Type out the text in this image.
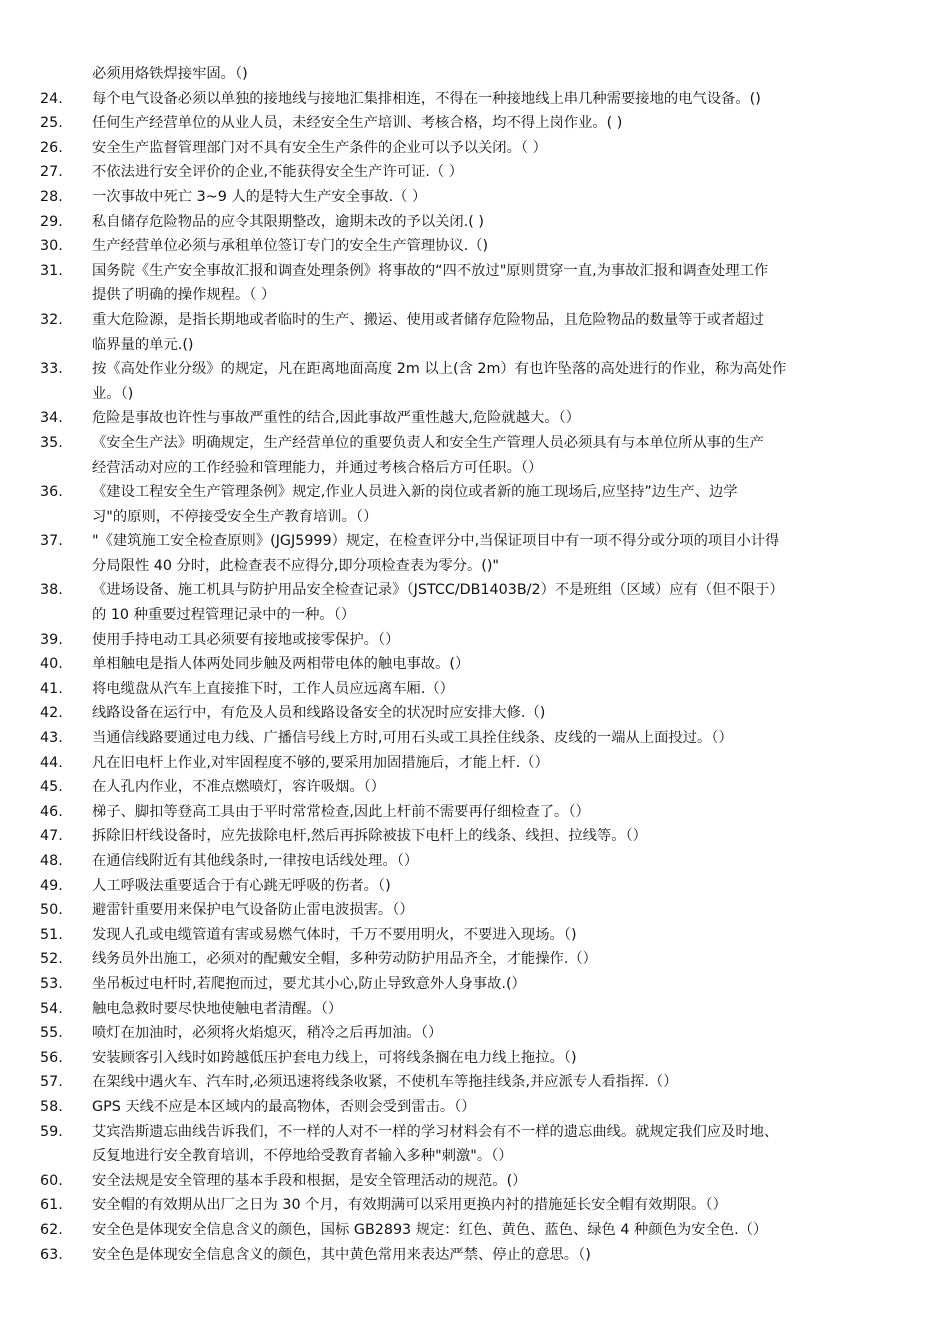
必须用烙铁焊接牢固。（)
24.	每个电气设备必须以单独的接地线与接地汇集排相连，不得在一种接地线上串几种需要接地的电气设备。()
25.	任何生产经营单位的从业人员，未经安全生产培训、考核合格，均不得上岗作业。( )
26.	安全生产监督管理部门对不具有安全生产条件的企业可以予以关闭。（ ）
27.	不依法进行安全评价的企业,不能获得安全生产许可证.（ ）
28.	一次事故中死亡 3~9 人的是特大生产安全事故.（ ）
29.	私自储存危险物品的应令其限期整改，逾期未改的予以关闭.( )
30.	生产经营单位必须与承租单位签订专门的安全生产管理协议.（)
31.	国务院《生产安全事故汇报和调查处理条例》将事故的“四不放过"原则贯穿一直,为事故汇报和调查处理工作
提供了明确的操作规程。（ ）
32.	重大危险源，是指长期地或者临时的生产、搬运、使用或者储存危险物品，且危险物品的数量等于或者超过
临界量的单元.()
33.	按《高处作业分级》的规定，凡在距离地面高度 2m 以上(含 2m）有也许坠落的高处进行的作业，称为高处作
业。（)
34.	危险是事故也许性与事故严重性的结合,因此事故严重性越大,危险就越大。（）
35.	《安全生产法》明确规定，生产经营单位的重要负责人和安全生产管理人员必须具有与本单位所从事的生产
经营活动对应的工作经验和管理能力，并通过考核合格后方可任职。（）
36.	《建设工程安全生产管理条例》规定,作业人员进入新的岗位或者新的施工现场后,应坚持”边生产、边学
习"的原则，不停接受安全生产教育培训。（）
37.	"《建筑施工安全检查原则》(JGJ5999）规定，在检查评分中,当保证项目中有一项不得分或分项的项目小计得
分局限性 40 分时，此检查表不应得分,即分项检查表为零分。()"
38.	《进场设备、施工机具与防护用品安全检查记录》（JSTCC/DB1403B/2）不是班组（区域）应有（但不限于）
的 10 种重要过程管理记录中的一种。（）
39.	使用手持电动工具必须要有接地或接零保护。（）
40.	单相触电是指人体两处同步触及两相带电体的触电事故。(）
41.	将电缆盘从汽车上直接推下时，工作人员应远离车厢.（）
42.	线路设备在运行中，有危及人员和线路设备安全的状况时应安排大修.（)
43.	当通信线路要通过电力线、广播信号线上方时,可用石头或工具拴住线条、皮线的一端从上面投过。（）
44.	凡在旧电杆上作业,对牢固程度不够的,要采用加固措施后，才能上杆.（）
45.	在人孔内作业，不准点燃喷灯，容许吸烟。（）
46.	梯子、脚扣等登高工具由于平时常常检查,因此上杆前不需要再仔细检查了。（）
47.	拆除旧杆线设备时，应先拔除电杆,然后再拆除被拔下电杆上的线条、线担、拉线等。（）
48.	在通信线附近有其他线条时,一律按电话线处理。（）
49.	人工呼吸法重要适合于有心跳无呼吸的伤者。（)
50.	避雷针重要用来保护电气设备防止雷电波损害。（）
51.	发现人孔或电缆管道有害或易燃气体时，千万不要用明火，不要进入现场。（)
52.	线务员外出施工，必须对的配戴安全帽，多种劳动防护用品齐全，才能操作.（）
53.	坐吊板过电杆时,若爬抱而过，要尤其小心,防止导致意外人身事故.(）
54.	触电急救时要尽快地使触电者清醒。（）
55.	喷灯在加油时，必须将火焰熄灭，稍冷之后再加油。（）
56.	安装顾客引入线时如跨越低压护套电力线上，可将线条搁在电力线上拖拉。（)
57.	在架线中遇火车、汽车时,必须迅速将线条收紧，不使机车等拖挂线条,并应派专人看指挥.（）
58.	GPS 天线不应是本区域内的最高物体，否则会受到雷击。（）
59.	艾宾浩斯遗忘曲线告诉我们，不一样的人对不一样的学习材料会有不一样的遗忘曲线。就规定我们应及时地、
反复地进行安全教育培训，不停地给受教育者输入多种"刺激"。（）
60.	安全法规是安全管理的基本手段和根据，是安全管理活动的规范。(）
61.	安全帽的有效期从出厂之日为 30 个月，有效期满可以采用更换内衬的措施延长安全帽有效期限。（）
62.	安全色是体现安全信息含义的颜色，国标 GB2893 规定：红色、黄色、蓝色、绿色 4 种颜色为安全色.（）
63.	安全色是体现安全信息含义的颜色，其中黄色常用来表达严禁、停止的意思。（)
